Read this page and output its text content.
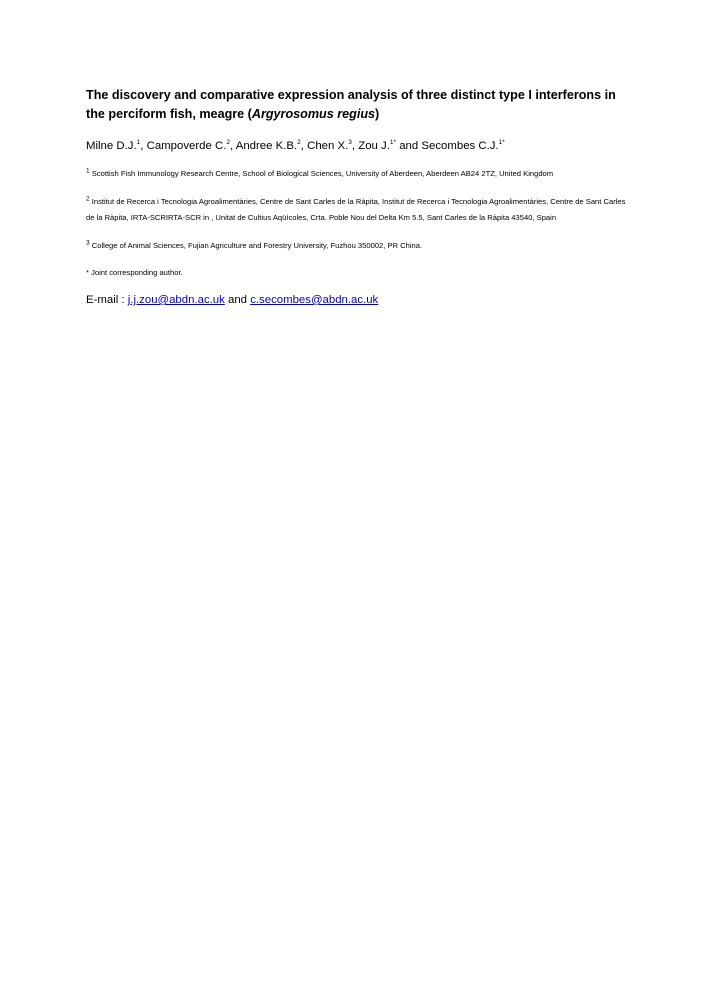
The discovery and comparative expression analysis of three distinct type I interferons in the perciform fish, meagre (Argyrosomus regius)

Milne D.J.$^1$, Campoverde C.$^2$, Andree K.B.$^2$, Chen X.$^3$, Zou J.$^{1*}$ and Secombes C.J.$^{1*}$

$^1$ Scottish Fish Immunology Research Centre, School of Biological Sciences, University of Aberdeen, Aberdeen AB24 2TZ, United Kingdom

$^2$ Institut de Recerca i Tecnologia Agroalimentàries, Centre de Sant Carles de la Ràpita, Institut de Recerca i Tecnologia Agroalimentàries, Centre de Sant Carles de la Ràpita, IRTA-SCRIRTA-SCR in , Unitat de Cultius Aqüícoles, Crta. Poble Nou del Delta Km 5.5, Sant Carles de la Rápita 43540, Spain

$^3$ College of Animal Sciences, Fujian Agriculture and Forestry University, Fuzhou 350002, PR China.

* Joint corresponding author.

E-mail : j.j.zou@abdn.ac.uk and c.secombes@abdn.ac.uk
